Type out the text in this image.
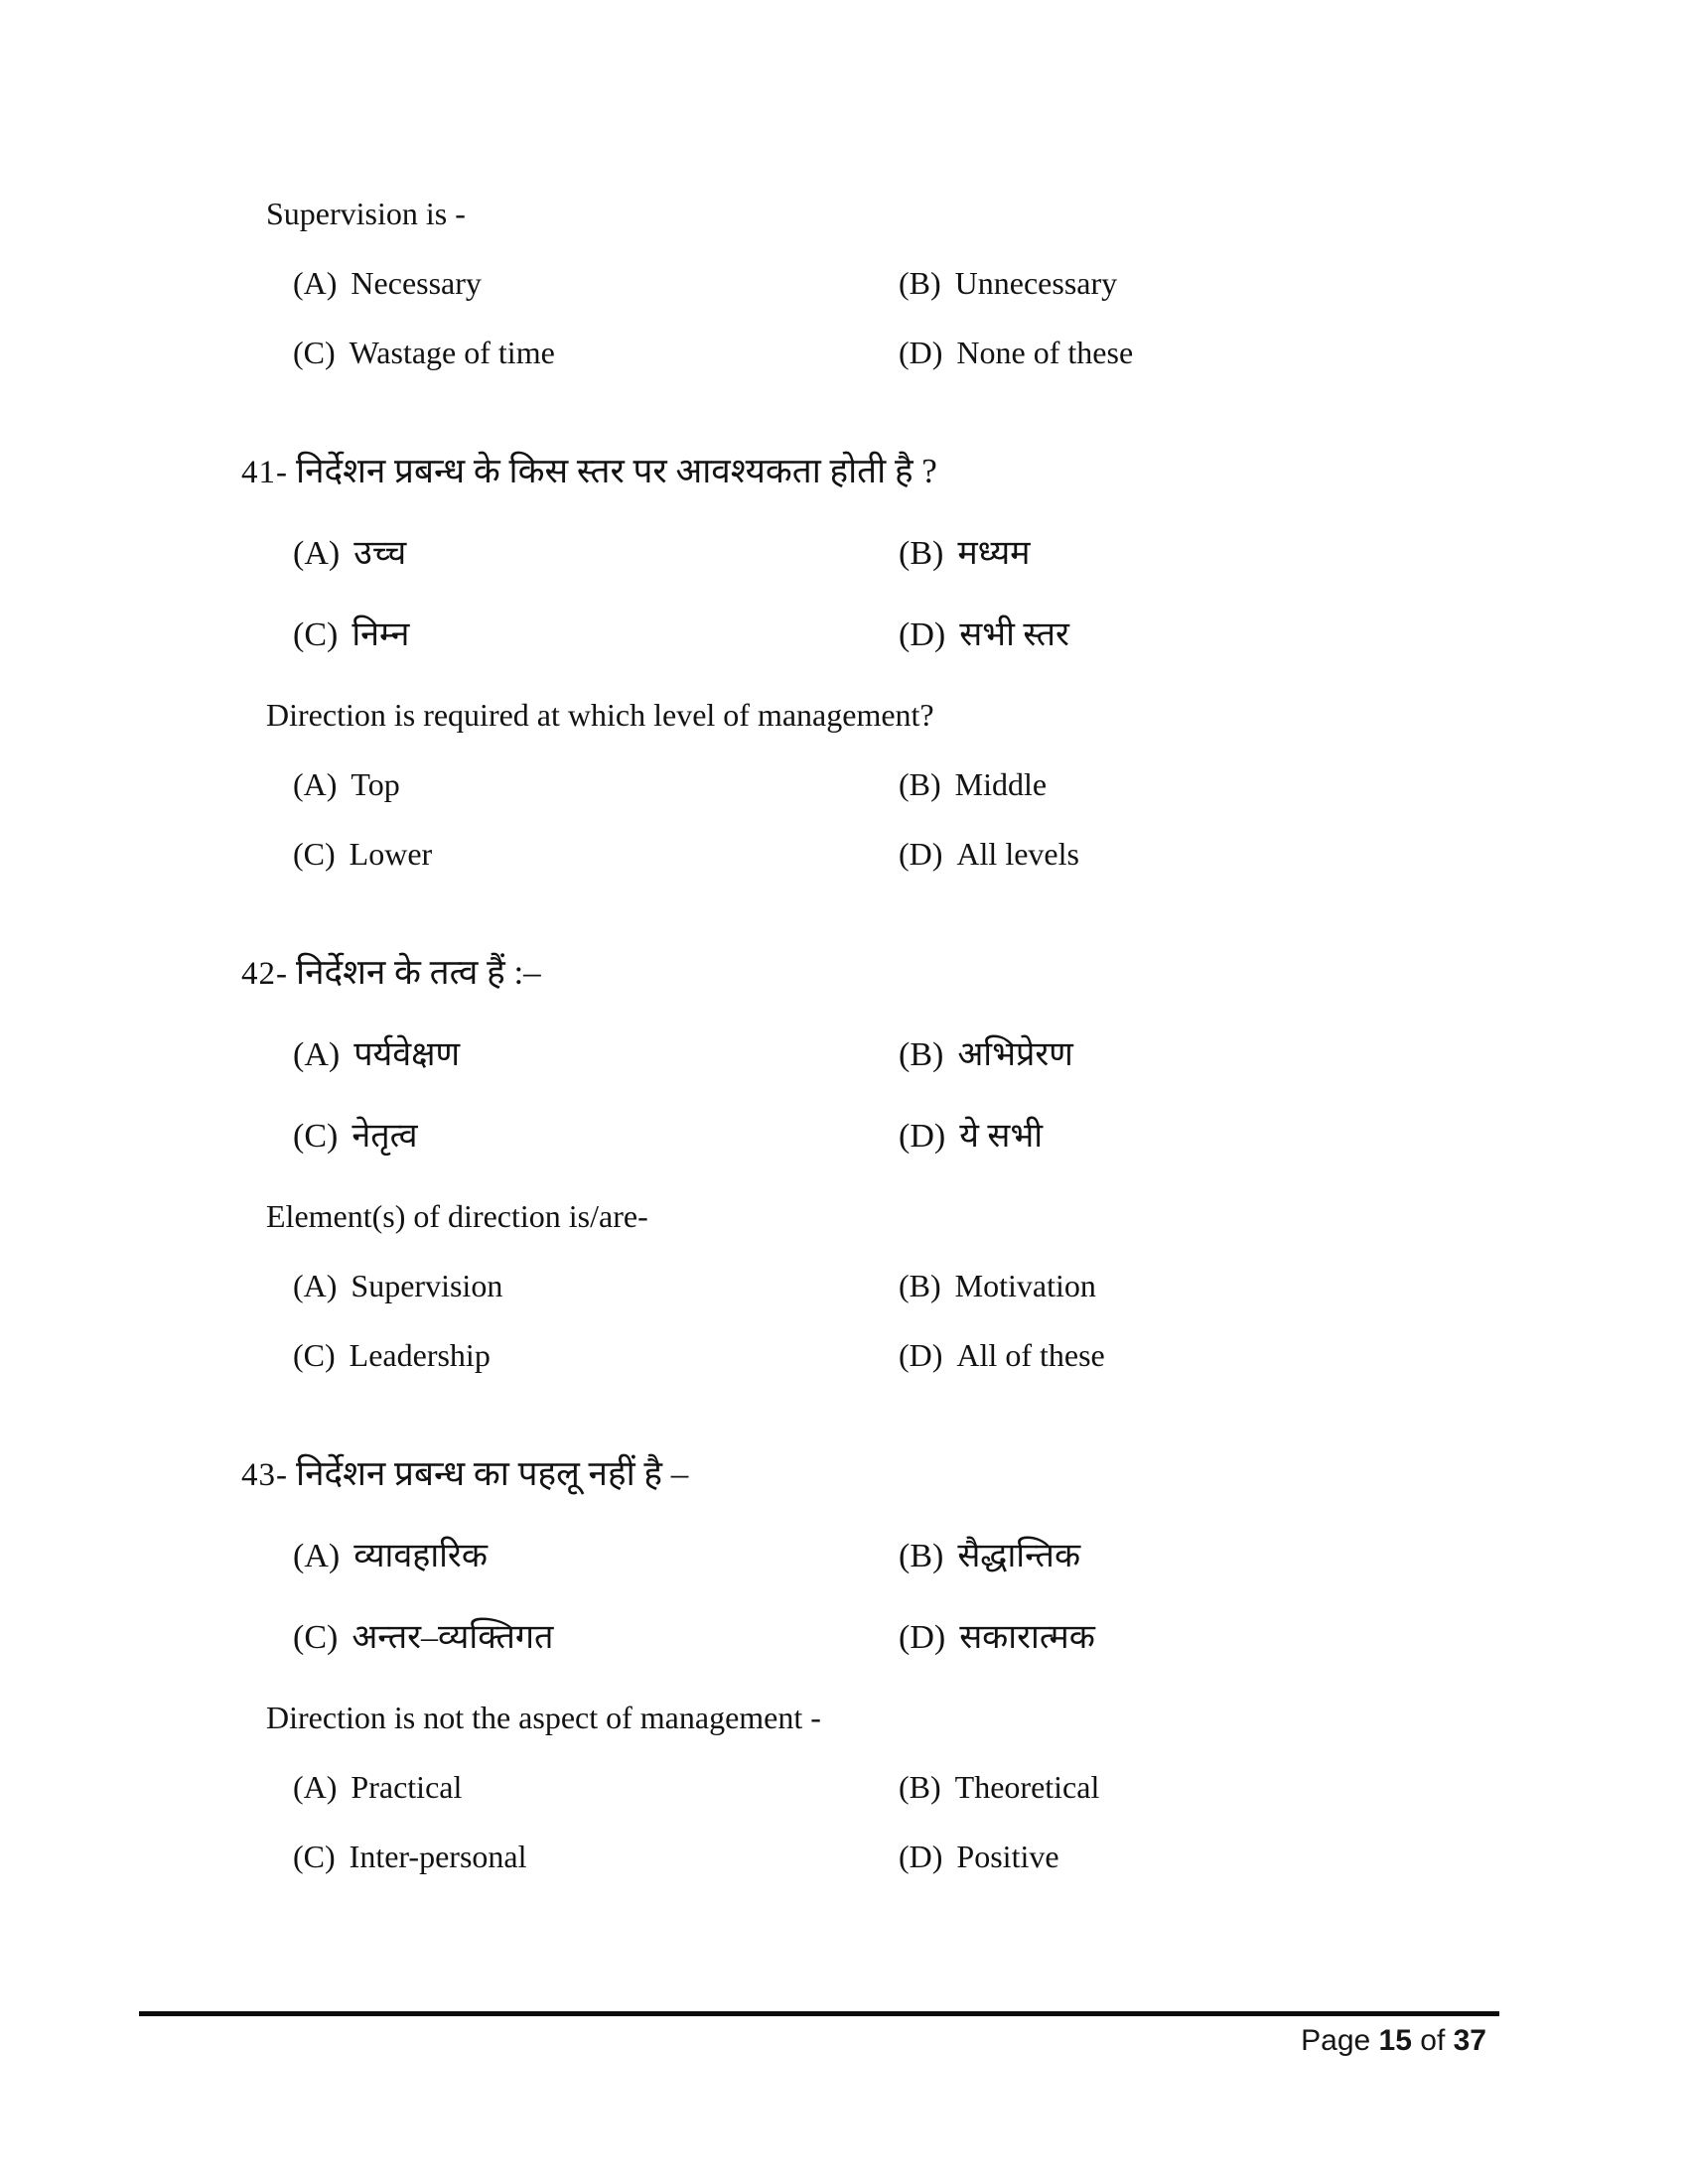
Supervision is -

(A) Necessary	(B) Unnecessary
(C) Wastage of time	(D) None of these

41- निर्देशन प्रबन्ध के किस स्तर पर आवश्यकता होती है ?

(A) उच्च	(B) मध्यम
(C) निम्न	(D) सभी स्तर

Direction is required at which level of management?

(A) Top	(B) Middle
(C) Lower	(D) All levels

42- निर्देशन के तत्व हैं :–

(A) पर्यवेक्षण	(B) अभिप्रेरण
(C) नेतृत्व	(D) ये सभी

Element(s) of direction is/are-

(A) Supervision	(B) Motivation
(C) Leadership	(D) All of these

43- निर्देशन प्रबन्ध का पहलू नहीं है –

(A) व्यावहारिक	(B) सैद्धान्तिक
(C) अन्तर–व्यक्तिगत	(D) सकारात्मक

Direction is not the aspect of management -

(A) Practical	(B) Theoretical
(C) Inter-personal	(D) Positive
Page 15 of 37
